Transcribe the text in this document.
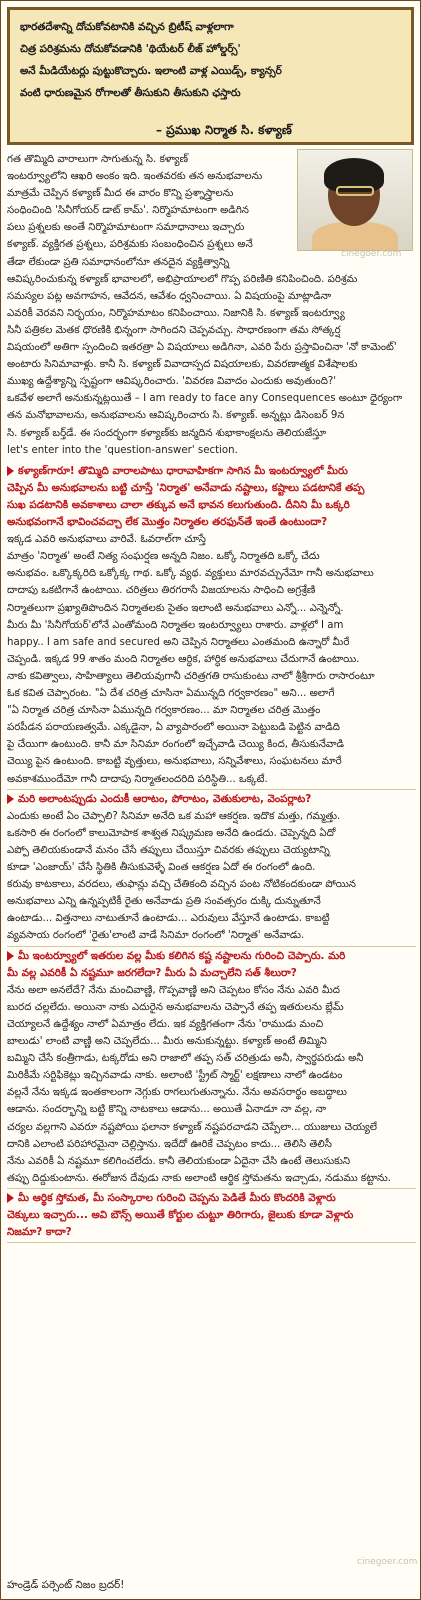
భారతదేశాన్ని దోచుకోవటానికి వచ్చిన బ్రిటీష్ వాళ్లలాగా
చిత్ర పరిశ్రమను దోచుకోవడానికి 'థియేటర్ లీజ్ హోల్డర్స్'
అనే మీడియేటర్లు పుట్టుకొచ్చారు. ఇలాంటి వాళ్ల ఎయిడ్స్, క్యాన్సర్
వంటి ధారుణమైన రోగాలతో తీసుకుని తీసుకుని ఛస్తారు
– ప్రముఖ నిర్మాత సి. కళ్యాణ్
గత తొమ్మిది వారాలుగా సాగుతున్న సి. కళ్యాణ్
ఇంటర్వ్యూలోని ఆఖరి అంకం ఇది. ఇంతవరకు తన అనుభవాలను
మాత్రమే చెప్పిన కళ్యాణ్ మీద ఈ వారం కొన్ని ప్రశ్నాస్త్రాలను
సంధించింది 'సినీగోయర్ డాట్ కామ్'. నిర్మొహమాటంగా అడిగిన
పలు ప్రశ్నలకు అంతే నిర్మొహమాటంగా సమాధానాలు ఇచ్చారు
కళ్యాణ్. వ్యక్తిగత ప్రశ్నలు, పరిశ్రమకు సంబంధించిన ప్రశ్నలు అనే
తేడా లేకుండా ప్రతి సమాధానంలోనూ తనదైన వ్యక్తిత్వాన్ని
ఆవిష్కరించుకున్న కళ్యాణ్ భావాలలో, అభిప్రాయాలలో గొప్ప పరిణితి కనిపించింది. పరిశ్రమ
సమస్యల పట్ల అవగాహన, ఆవేదన, ఆవేశం ధ్వనించాయి. ఏ విషయంపై మాట్లాడినా
ఎవరికీ వెరవని నిర్భయం, నిర్మొహమాటం కనిపించాయి. నిజానికి సి. కళ్యాణ్ ఇంటర్వ్యూ
సినీ పత్రికల మెతక ధొరణికి భిన్నంగా సాగిందని చెప్పవచ్చు. సాధారణంగా తమ సోత్కర్ష
విషయంలో అతిగా స్పందించి ఇతరత్రా ఏ విషయాలు అడిగినా, ఎవరి పేరు ప్రస్తావించినా 'నో కామెంట్'
అంటారు సినిమావాళ్లు. కానీ సి. కళ్యాణ్ వివాదాస్పద విషయాలకు, వివరణాత్మక విశేషాలకు
ముఖ్య ఉద్దేశ్యాన్ని స్పష్టంగా ఆవిష్కరించారు. 'వివరణ వివాదం ఎందుకు అవుతుంది?'
ఒకవేళ అలాగే అనుకున్నట్లయితే – I am ready to face any Consequences అంటూ ధైర్యంగా
తన మనోభావాలను, అనుభవాలను ఆవిష్కరించారు సి. కళ్యాణ్. అన్నట్లు డిసెంబర్ 9న
సి. కళ్యాణ్ బర్త్‌డే. ఈ సందర్భంగా కళ్యాణ్‌కు జన్మదిన శుభాకాంక్షలను తెలియజేస్తూ
let's enter into the 'question-answer' section.
కళ్యాణ్‌గారూ! తొమ్మిది వారాలపాటు ధారావాహికగా సాగిన మీ ఇంటర్వ్యూలో మీరు
చెప్పిన మీ అనుభవాలను బట్టి చూస్తే 'నిర్మాత' అనేవాడు నష్టాలు, కష్టాలు పడటానికే తప్ప
సుఖ పడటానికి అవకాశాలు చాలా తక్కువ అనే భావన కలుగుతుంది. దీనిని మీ ఒక్కరి
అనుభవంగానే భావించవచ్చా లేక మొత్తం నిర్మాతల తరఫున్‌తే ఇంతే ఉంటుందా?
ఇక్కడ ఎవరి అనుభవాలు వారివే. ఓవరాల్‌గా చూస్తే
మాత్రం 'నిర్మాత' అంటే నిత్య సంఘర్షణ అన్నది నిజం. ఒక్కో నిర్మాతది ఒక్కో చేదు
అనుభవం. ఒక్కొక్కరిది ఒక్కోక్క గాథ. ఒక్కో వ్యథ. వ్యక్తులు మారవచ్చునేమో గానీ అనుభవాలు
దాదాపు ఒకటిగానే ఉంటాయి. చరిత్రలు తిరగరాసే విజయాలను సాధించి అగ్రశ్రేణి
నిర్మాతలుగా ప్రఖ్యాతిపొందిన నిర్మాతలకు సైతం ఇలాంటి అనుభవాలు ఎన్నో... ఎన్నెన్నో.
మీరు మీ 'సినీగోయర్'లోనే ఎంతోమంది నిర్మాతల ఇంటర్వ్యూలు రాశారు. వాళ్లలో I am
happy.. I am safe and secured అని చెప్పిన నిర్మాతలు ఎంతమంది ఉన్నారో మీరే
చెప్పండి. ఇక్కడ 99 శాతం మంది నిర్మాతల ఆర్ధిక, హార్ధిక అనుభవాలు చేదుగానే ఉంటాయి.
నాకు కవిత్వాలు, సాహిత్యాలు తెలియవుగానీ చరిత్రగతి రాసుకుంటు నాలో శ్రీశ్రీగారు రాసారంటూ
ఓక కవిత చెప్పారంట. "ఏ దేశ చరిత్ర చూసినా ఏమున్నది గర్వకారణం" అని... అలాగే
"ఏ నిర్మాత చరిత్ర చూసినా ఏమున్నది గర్వకారణం... మా నిర్మాతల చరిత్ర మొత్తం
పరపీడన పరాయణత్వమే. ఎక్కడైనా, ఏ వ్యాపారంలో అయినా పెట్టుబడి పెట్టిన వాడిది
పై చేయిగా ఉంటుంది. కానీ మా సినిమా రంగంలో ఇచ్చేవాడి చెయ్యి కింద, తీసుకునేవాడి
చెయ్యి పైన ఉంటుంది. కాబట్టి వృత్తులు, అనుభవాలు, సన్నివేశాలు, సంఘటనలు మారే
అవకాశముందేమో గానీ దాదాపు నిర్మాతలందరిది పరిస్థితి... ఒక్కటే.
మరి అలాంటప్పుడు ఎందుకీ ఆరాటం, పోరాటం, వెతుకులాట, వెంపర్లాట?
ఎందుకు అంటే ఏం చెప్పాలి? సినిమా అనేది ఒక మహా ఆకర్షణ. ఇదొక మత్తు, గమ్మత్తు.
ఒకసారి ఈ రంగంలో కాలుమోపాక శాశ్వత నిష్క్రమణ అనేది ఉండదు. చెప్పెన్నది ఏదో
ఎప్పో తెలియకుండానే మనం చేసే తప్పులు చేయిస్తూ చివరకు తప్పులు చెయ్యటాన్ని
కూడా 'ఎంజాయ్' చేసే స్థితికి తీసుకువెళ్ళే వింత ఆకర్షణ ఏదో ఈ రంగంలో ఉంది.
కరువు కాటకాలు, వరదలు, తుఫాన్లు వచ్చి చేతికంది వచ్చిన పంట నోటికందకుండా పోయిన
అనుభవాలు ఎన్ని ఉన్నప్పటికీ రైతు అనేవాడు ప్రతి సంవత్సరం దుక్కి దున్నుతూనే
ఉంటాడు... విత్తనాలు నాటుతూనే ఉంటాడు... ఎరువులు వేస్తూనే ఉంటాడు. కాబట్టి
వ్యవసాయ రంగంలో 'రైతు'లాంటి వాడే సినిమా రంగంలో 'నిర్మాత' అనేవాడు.
మీ ఇంటర్వ్యూలో ఇతరుల వల్ల మీకు కలిగిన కష్ట నష్టాలను గురించి చెప్పారు. మరి
మీ వల్ల ఎవరికీ ఏ నష్టమూ జరగలేదా? మీరు ఏ మచ్చాలేని సత్ శీలురా?
నేను అలా అనలేదే? నేను మంచివాణ్ణి, గొప్పవాణ్ణి అని చెప్పటం కోసం నేను ఎవరి మీద
బురద చల్లలేదు. అయినా నాకు ఎదురైన అనుభవాలను చెప్పానే తప్ప ఇతరులను బ్లేమ్
చెయ్యాలనే ఉద్దేశ్యం నాలో ఏమాత్రం లేదు. ఇక వ్యక్తిగతంగా నేను 'రాముడు మంచి
బాలుడు' లాంటి వాణ్ణి అని చెప్పలేదు... మీరు అనుకున్నట్టు. కళ్యాణ్ అంటే తిమ్మిని
బమ్మిని చేసే కంత్రీగాడు, టక్కరోడు అని రాజాలో తప్ప సత్ చరిత్రుడు అనీ, స్వార్థపరుడు అనీ
మిరికీమే సర్టిఫికెట్లు ఇచ్చినవాడు నాకు. అలాంటి 'స్ట్రీట్ స్మార్ట్' లక్షణాలు నాలో ఉండటం
వల్లనే నేను ఇక్కడ ఇంతకాలంగా నెగ్గుకు రాగలుగుతున్నాను. నేను అవసరార్థం అబద్ధాలు
ఆడాను. సందర్భాన్ని బట్టి కొన్ని నాటకాలు ఆడాను... అయితే ఏనాడూ నా వల్ల, నా
చర్యల వల్లగాని ఎవరూ నష్టపోయి ఫలానా కళ్యాణ్ నష్టపరచాడని చెప్పేలా... యుజులు చెయ్యలే
దానికి ఎలాంటి పరిహారమైనా చెల్లిస్తాను. ఇదేదో ఊరికే చెప్పటం కాదు... తెలిసి తెలిసీ
నేను ఎవరికీ ఏ నష్టమూ కలిగించలేదు. కానీ తెలియకుండా ఏదైనా చేసి ఉంటే తెలుసుకుని
తప్పు దిద్దుకుంటాను. ఈరోజున దేవుడు నాకు అలాంటి ఆర్థిక స్తోమతను ఇచ్చాడు, నడుము కట్టాను.
మీ ఆర్థిక స్తోమత, మీ సంస్కారాల గురించి చెప్పను పెడితే మీరు కొందరికి వెళ్లారు
చెక్కులు ఇచ్చారు... అవి బౌన్స్ అయితే కోర్టుల చుట్టూ తిరిగారు, జైలుకు కూడా వెళ్లారు
నిజమా? కాదా?
cinegoer.com
cinegoer.com
హండ్రెడ్ పర్సెంట్ నిజం బ్రదర్!
